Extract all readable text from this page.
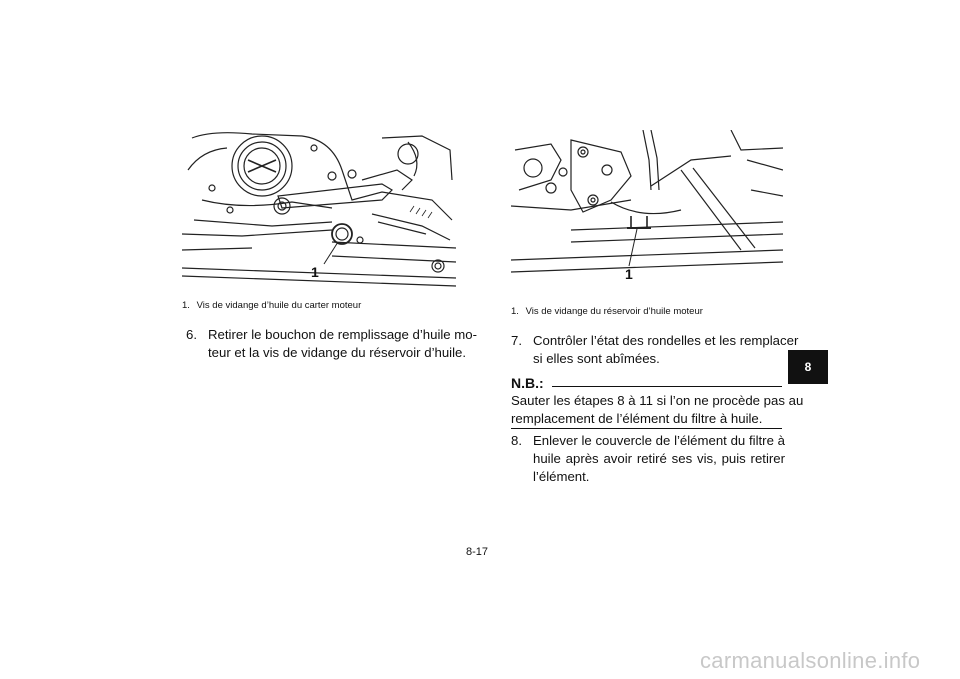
1
1. Vis de vidange d’huile du carter moteur
6. Retirer le bouchon de remplissage d’huile mo-
teur et la vis de vidange du réservoir d’huile.
1
1. Vis de vidange du réservoir d’huile moteur
7. Contrôler l’état des rondelles et les remplacer
si elles sont abîmées.
N.B.:
Sauter les étapes 8 à 11 si l’on ne procède pas au
remplacement de l’élément du filtre à huile.
8. Enlever le couvercle de l’élément du filtre à
huile après avoir retiré ses vis, puis retirer
l’élément.
8
8-17
carmanualsonline.info
